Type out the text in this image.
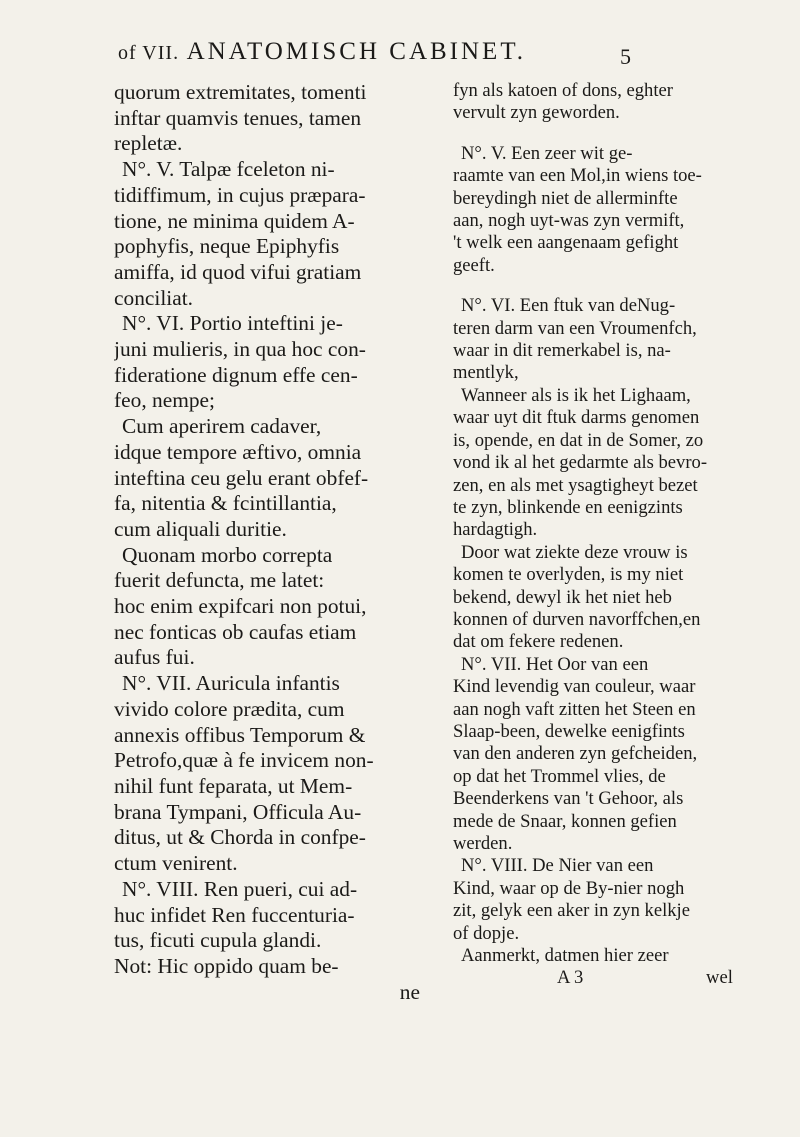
of VII. ANATOMISCH CABINET.	5
quorum extremitates, tomenti
inftar quamvis tenues, tamen
repletæ.
N°. V. Talpæ fceleton ni-
tidiffimum, in cujus præpara-
tione, ne minima quidem A-
pophyfis, neque Epiphyfis
amiffa, id quod vifui gratiam
conciliat.
N°. VI. Portio inteftini je-
juni mulieris, in qua hoc con-
fideratione dignum effe cen-
feo, nempe;
Cum aperirem cadaver,
idque tempore æftivo, omnia
inteftina ceu gelu erant obfef-
fa, nitentia & fcintillantia,
cum aliquali duritie.
Quonam morbo correpta
fuerit defuncta, me latet:
hoc enim expifcari non potui,
nec fonticas ob caufas etiam
aufus fui.
N°. VII. Auricula infantis
vivido colore prædita, cum
annexis offibus Temporum &
Petrofo,quæ à fe invicem non-
nihil funt feparata, ut Mem-
brana Tympani, Officula Au-
ditus, ut & Chorda in confpe-
ctum venirent.
N°. VIII. Ren pueri, cui ad-
huc infidet Ren fuccenturia-
tus, ficuti cupula glandi.
Not: Hic oppido quam be-
ne
fyn als katoen of dons, eghter
vervult zyn geworden.
N°. V. Een zeer wit ge-
raamte van een Mol,in wiens toe-
bereydingh niet de allerminfte
aan, nogh uyt-was zyn vermift,
't welk een aangenaam gefight
geeft.
N°. VI. Een ftuk van deNug-
teren darm van een Vroumenfch,
waar in dit remerkabel is, na-
mentlyk,
Wanneer als is ik het Lighaam,
waar uyt dit ftuk darms genomen
is, opende, en dat in de Somer, zo
vond ik al het gedarmte als bevro-
zen, en als met ysagtigheyt bezet
te zyn, blinkende en eenigzints
hardagtigh.
Door wat ziekte deze vrouw is
komen te overlyden, is my niet
bekend, dewyl ik het niet heb
konnen of durven navorffchen,en
dat om fekere redenen.
N°. VII. Het Oor van een
Kind levendig van couleur, waar
aan nogh vaft zitten het Steen en
Slaap-been, dewelke eenigfints
van den anderen zyn gefcheiden,
op dat het Trommel vlies, de
Beenderkens van 't Gehoor, als
mede de Snaar, konnen gefien
werden.
N°. VIII. De Nier van een
Kind, waar op de By-nier nogh
zit, gelyk een aker in zyn kelkje
of dopje.
Aanmerkt, datmen hier zeer
A 3	wel
